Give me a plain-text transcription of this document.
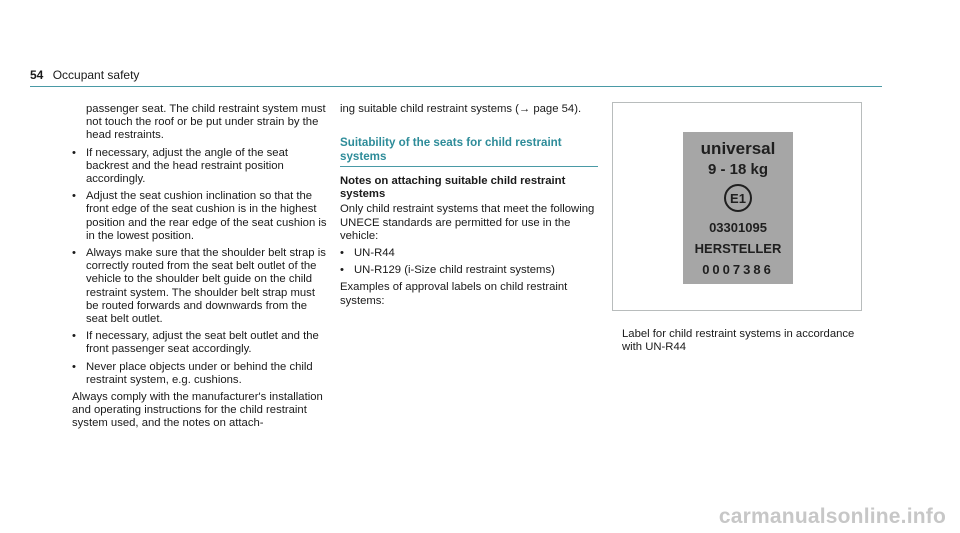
54 Occupant safety

passenger seat. The child restraint system must not touch the roof or be put under strain by the head restraints.

• If necessary, adjust the angle of the seat backrest and the head restraint position accordingly.
• Adjust the seat cushion inclination so that the front edge of the seat cushion is in the highest position and the rear edge of the seat cushion is in the lowest position.
• Always make sure that the shoulder belt strap is correctly routed from the seat belt outlet of the vehicle to the shoulder belt guide on the child restraint system. The shoulder belt strap must be routed forwards and downwards from the seat belt outlet.
• If necessary, adjust the seat belt outlet and the front passenger seat accordingly.
• Never place objects under or behind the child restraint system, e.g. cushions.

Always comply with the manufacturer's installation and operating instructions for the child restraint system used, and the notes on attach-

ing suitable child restraint systems (→ page 54).

Suitability of the seats for child restraint systems
Notes on attaching suitable child restraint systems

Only child restraint systems that meet the following UNECE standards are permitted for use in the vehicle:

• UN-R44
• UN-R129 (i-Size child restraint systems)

Examples of approval labels on child restraint systems:

universal
9 - 18 kg
E1
03301095
HERSTELLER
0007386
Label for child restraint systems in accordance with UN-R44
carmanualsonline.info
